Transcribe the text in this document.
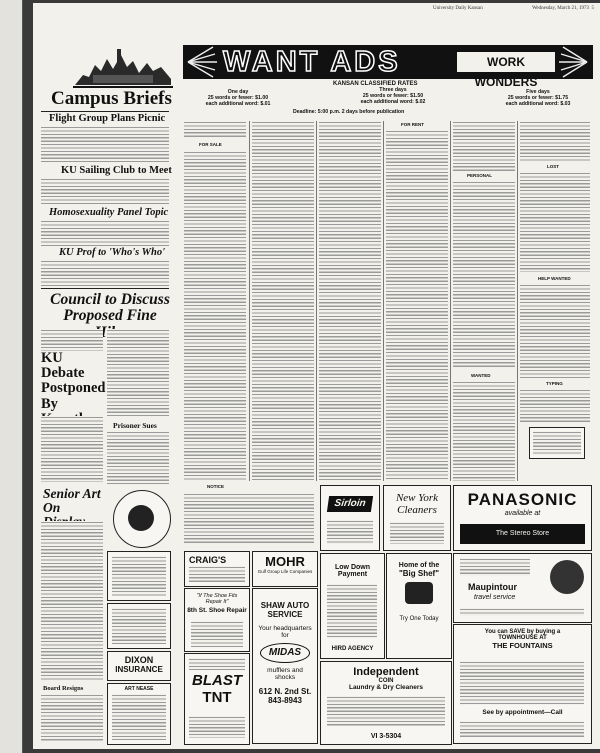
University Daily Kansan	Wednesday, March 21, 1973 5
Campus Briefs
Flight Group Plans Picnic
KU Sailing Club to Meet
Homosexuality Panel Topic
KU Prof to 'Who's Who'
Council to Discuss Proposed Fine
KU Debate Postponed By
Prisoner Sues
Senior Art On
Board Resigns
DIXON
INSURANCE
ART NEASE
WANT ADS	WORK WONDERS
KANSAN CLASSIFIED RATES
One day
25 words or fewer: $1.00
each additional word: $.01
Three days
25 words or fewer: $1.50
each additional word: $.02
Five days
25 words or fewer: $1.75
each additional word: $.03
Deadline: 5:00 p.m. 2 days before publication
FOR SALE
FOR RENT
PERSONAL
WANTED
LOST
HELP WANTED
TYPING
NOTICE
Sirloin	New York
Cleaners
PANASONIC
available at
The Stereo Store
CRAIG'S	MOHR
Gulf Group Life Companies
"If The Shoe Fits
Repair It"
8th St. Shoe Repair
SHAW AUTO
SERVICE
Your headquarters
for
MIDAS
mufflers and
shocks
612 N. 2nd St.
843-8943
BLAST
TNT
Low Down
Payment
HIRD AGENCY
Home of the
"Big Shef"
Try One Today
Maupintour
travel service
You can SAVE by buying a
TOWNHOUSE AT
THE FOUNTAINS
See by appointment—Call
Independent
COIN
Laundry & Dry Cleaners
VI 3-5304
